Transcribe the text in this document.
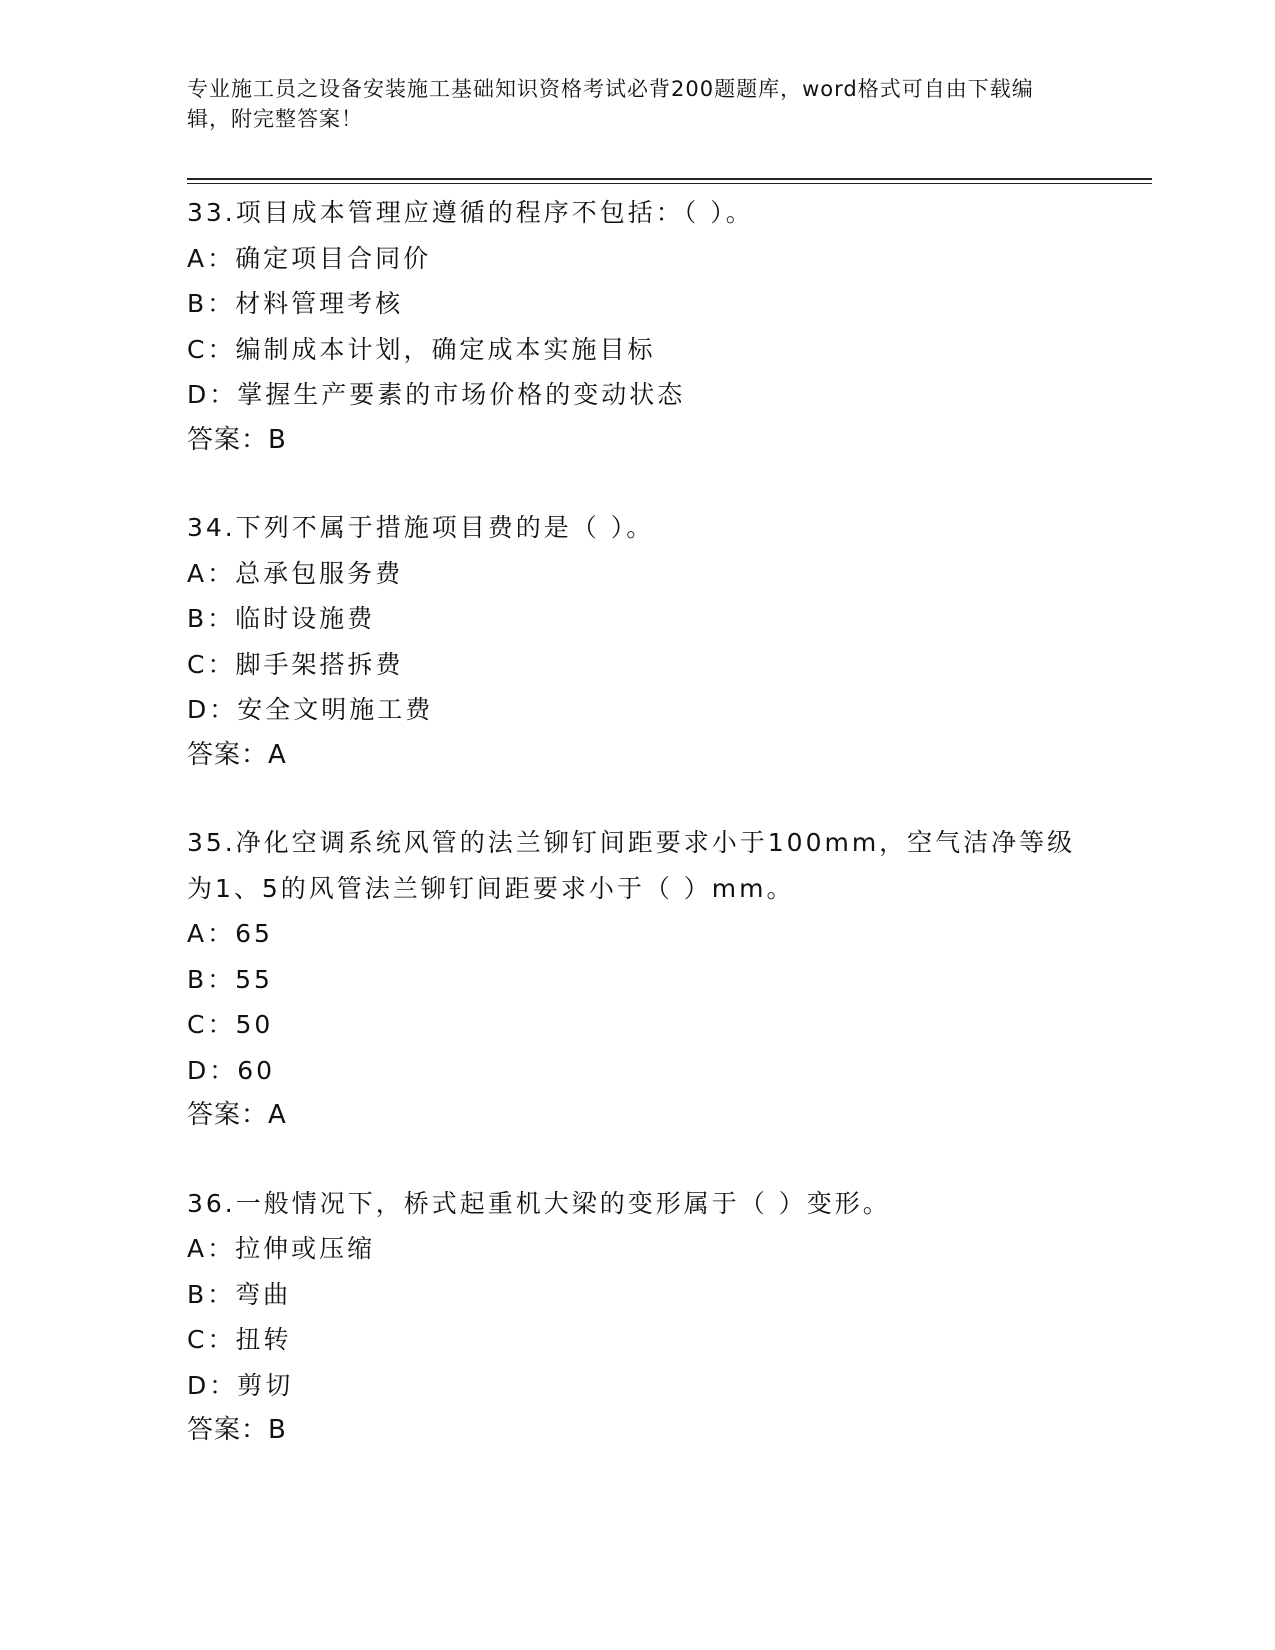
专业施工员之设备安装施工基础知识资格考试必背200题题库，word格式可自由下载编辑，附完整答案！
33.项目成本管理应遵循的程序不包括：（ ）。
A：确定项目合同价
B：材料管理考核
C：编制成本计划，确定成本实施目标
D：掌握生产要素的市场价格的变动状态
答案：B
34.下列不属于措施项目费的是（ ）。
A：总承包服务费
B：临时设施费
C：脚手架搭拆费
D：安全文明施工费
答案：A
35.净化空调系统风管的法兰铆钉间距要求小于100mm，空气洁净等级
为1、5的风管法兰铆钉间距要求小于（ ）mm。
A：65
B：55
C：50
D：60
答案：A
36.一般情况下，桥式起重机大梁的变形属于（ ）变形。
A：拉伸或压缩
B：弯曲
C：扭转
D：剪切
答案：B
